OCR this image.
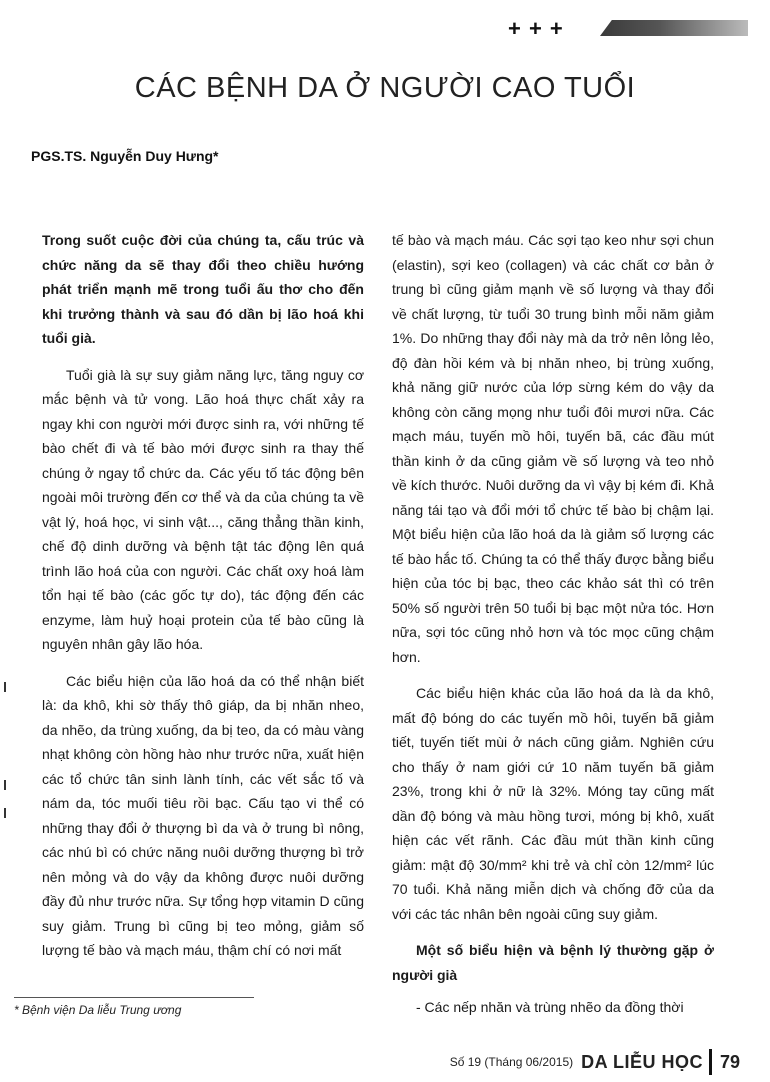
+ + +
CÁC BỆNH DA Ở NGƯỜI CAO TUỔI
PGS.TS. Nguyễn Duy Hưng*

Trong suốt cuộc đời của chúng ta, cấu trúc và chức năng da sẽ thay đổi theo chiều hướng phát triển mạnh mẽ trong tuổi ấu thơ cho đến khi trưởng thành và sau đó dần bị lão hoá khi tuổi già.

Tuổi già là sự suy giảm năng lực, tăng nguy cơ mắc bệnh và tử vong. Lão hoá thực chất xảy ra ngay khi con người mới được sinh ra, với những tế bào chết đi và tế bào mới được sinh ra thay thế chúng ở ngay tổ chức da. Các yếu tố tác động bên ngoài môi trường đến cơ thể và da của chúng ta về vật lý, hoá học, vi sinh vật..., căng thẳng thần kinh, chế độ dinh dưỡng và bệnh tật tác động lên quá trình lão hoá của con người. Các chất oxy hoá làm tổn hại tế bào (các gốc tự do), tác động đến các enzyme, làm huỷ hoại protein của tế bào cũng là nguyên nhân gây lão hóa.

Các biểu hiện của lão hoá da có thể nhận biết là: da khô, khi sờ thấy thô giáp, da bị nhăn nheo, da nhẽo, da trùng xuống, da bị teo, da có màu vàng nhạt không còn hồng hào như trước nữa, xuất hiện các tổ chức tân sinh lành tính, các vết sắc tố và nám da, tóc muối tiêu rồi bạc. Cấu tạo vi thể có những thay đổi ở thượng bì da và ở trung bì nông, các nhú bì có chức năng nuôi dưỡng thượng bì trở nên mỏng và do vậy da không được nuôi dưỡng đầy đủ như trước nữa. Sự tổng hợp vitamin D cũng suy giảm. Trung bì cũng bị teo mỏng, giảm số lượng tế bào và mạch máu, thậm chí có nơi mất

tế bào và mạch máu. Các sợi tạo keo như sợi chun (elastin), sợi keo (collagen) và các chất cơ bản ở trung bì cũng giảm mạnh về số lượng và thay đổi về chất lượng, từ tuổi 30 trung bình mỗi năm giảm 1%. Do những thay đổi này mà da trở nên lỏng lẻo, độ đàn hồi kém và bị nhăn nheo, bị trùng xuống, khả năng giữ nước của lớp sừng kém do vậy da không còn căng mọng như tuổi đôi mươi nữa. Các mạch máu, tuyến mồ hôi, tuyến bã, các đầu mút thần kinh ở da cũng giảm về số lượng và teo nhỏ về kích thước. Nuôi dưỡng da vì vậy bị kém đi. Khả năng tái tạo và đổi mới tổ chức tế bào bị chậm lại. Một biểu hiện của lão hoá da là giảm số lượng các tế bào hắc tố. Chúng ta có thể thấy được bằng biểu hiện của tóc bị bạc, theo các khảo sát thì có trên 50% số người trên 50 tuổi bị bạc một nửa tóc. Hơn nữa, sợi tóc cũng nhỏ hơn và tóc mọc cũng chậm hơn.

Các biểu hiện khác của lão hoá da là da khô, mất độ bóng do các tuyến mồ hôi, tuyến bã giảm tiết, tuyến tiết mùi ở nách cũng giảm. Nghiên cứu cho thấy ở nam giới cứ 10 năm tuyến bã giảm 23%, trong khi ở nữ là 32%. Móng tay cũng mất dần độ bóng và màu hồng tươi, móng bị khô, xuất hiện các vết rãnh. Các đầu mút thần kinh cũng giảm: mật độ 30/mm² khi trẻ và chỉ còn 12/mm² lúc 70 tuổi. Khả năng miễn dịch và chống đỡ của da với các tác nhân bên ngoài cũng suy giảm.

Một số biểu hiện và bệnh lý thường gặp ở người già

- Các nếp nhăn và trùng nhẽo da đồng thời

* Bệnh viện Da liễu Trung ương
Số 19 (Tháng 06/2015) DA LIỄU HỌC 79
